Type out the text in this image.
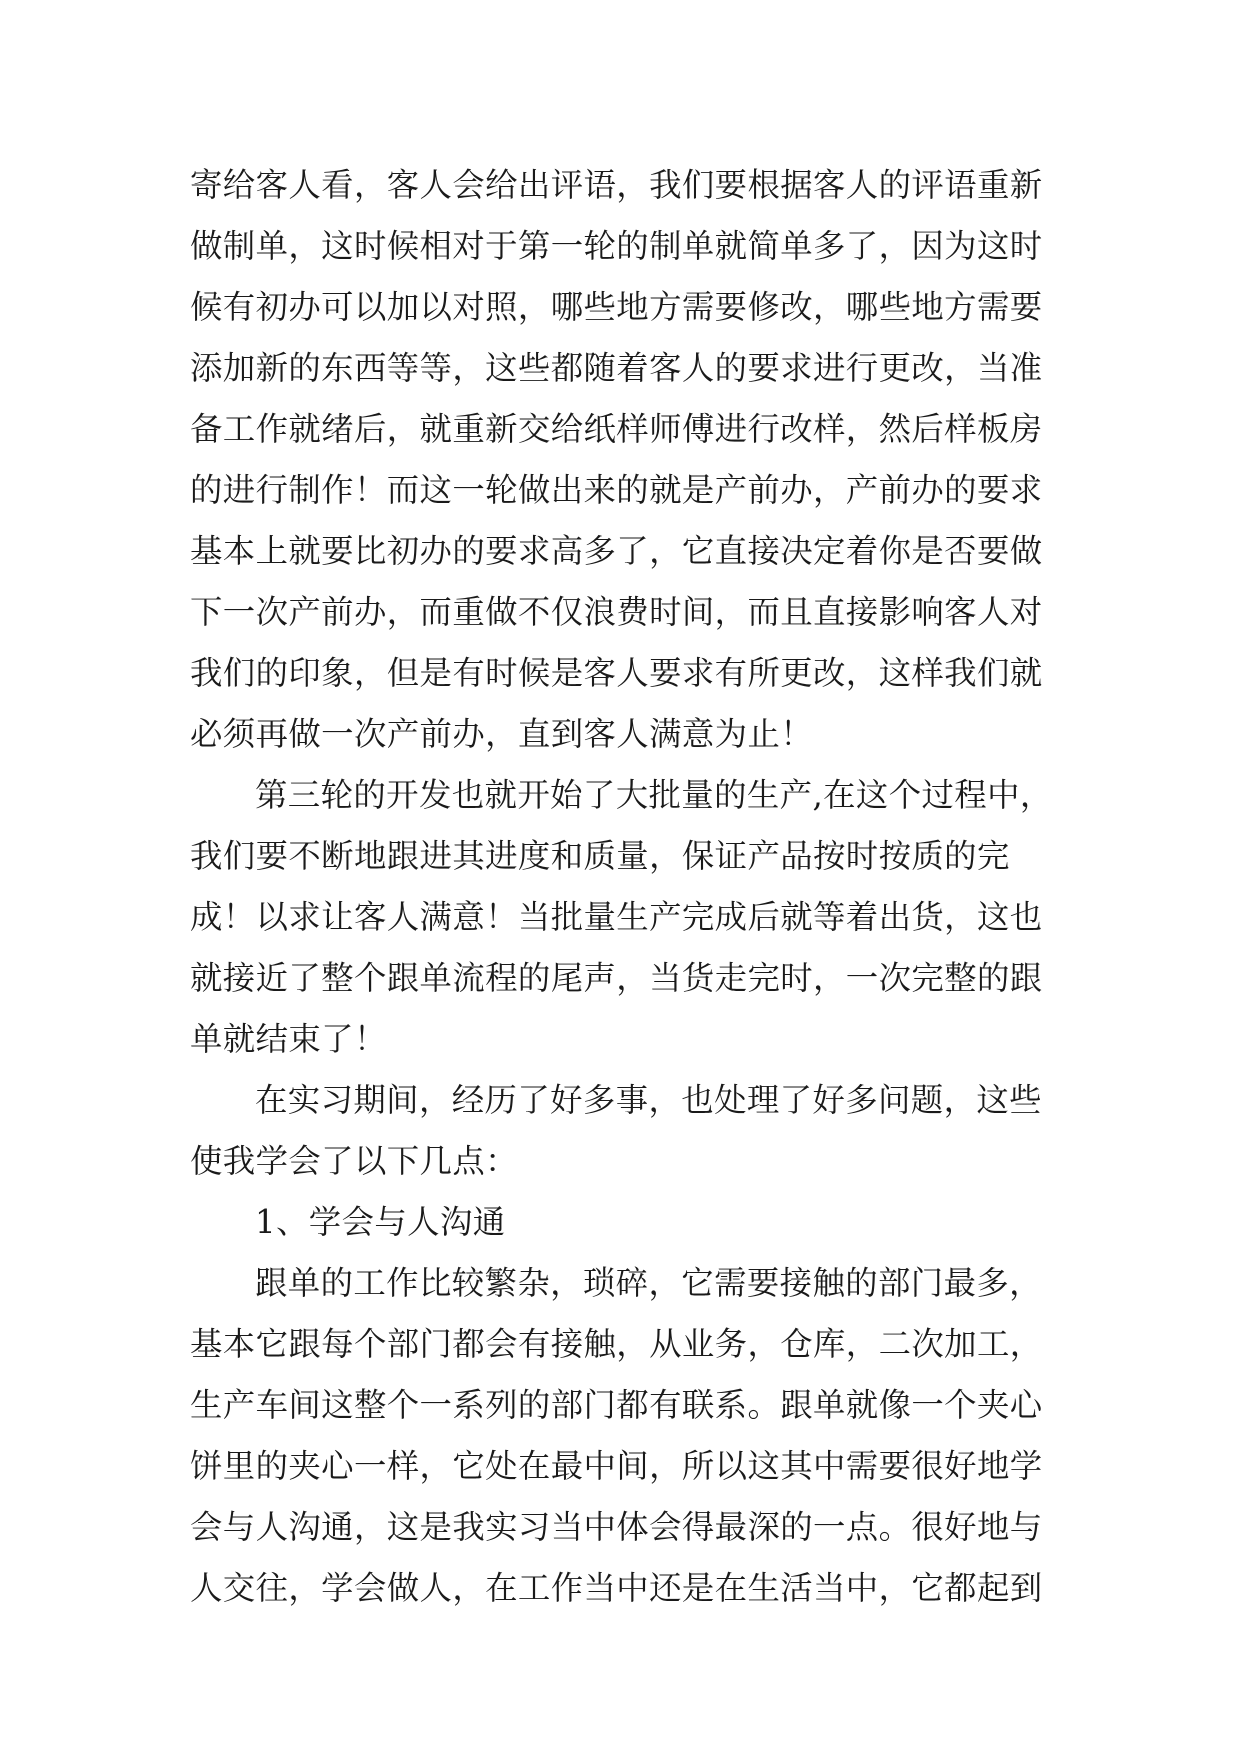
寄给客人看，客人会给出评语，我们要根据客人的评语重新
做制单，这时候相对于第一轮的制单就简单多了，因为这时
候有初办可以加以对照，哪些地方需要修改，哪些地方需要
添加新的东西等等，这些都随着客人的要求进行更改，当准
备工作就绪后，就重新交给纸样师傅进行改样，然后样板房
的进行制作！而这一轮做出来的就是产前办，产前办的要求
基本上就要比初办的要求高多了，它直接决定着你是否要做
下一次产前办，而重做不仅浪费时间，而且直接影响客人对
我们的印象，但是有时候是客人要求有所更改，这样我们就
必须再做一次产前办，直到客人满意为止！
第三轮的开发也就开始了大批量的生产,在这个过程中，
我们要不断地跟进其进度和质量，保证产品按时按质的完
成！以求让客人满意！当批量生产完成后就等着出货，这也
就接近了整个跟单流程的尾声，当货走完时，一次完整的跟
单就结束了！
在实习期间，经历了好多事，也处理了好多问题，这些
使我学会了以下几点：
1、学会与人沟通
跟单的工作比较繁杂，琐碎，它需要接触的部门最多，
基本它跟每个部门都会有接触，从业务，仓库，二次加工，
生产车间这整个一系列的部门都有联系。跟单就像一个夹心
饼里的夹心一样，它处在最中间，所以这其中需要很好地学
会与人沟通，这是我实习当中体会得最深的一点。很好地与
人交往，学会做人，在工作当中还是在生活当中，它都起到
